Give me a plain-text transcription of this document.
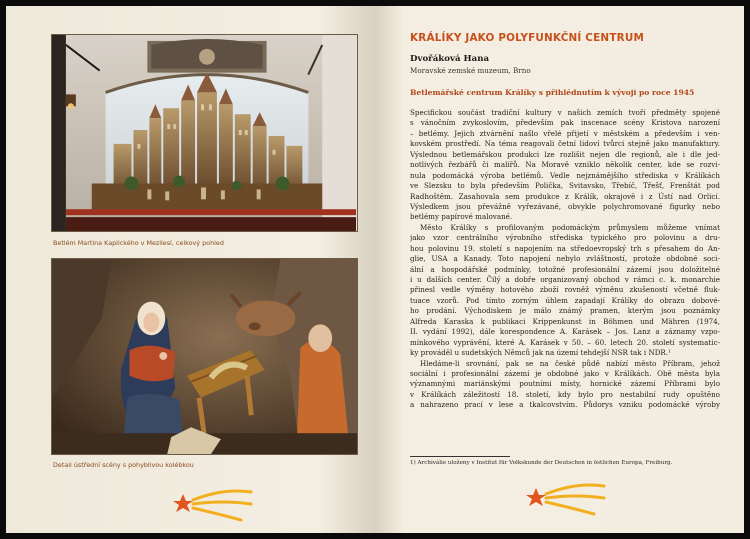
Betlém Martina Kaplického v Mezilesí, celkový pohled
Detail ústřední scény s pohyblivou kolébkou
KRÁLÍKY JAKO POLYFUNKČNÍ CENTRUM
Dvořáková Hana
Moravské zemské muzeum, Brno
Betlemářské centrum Králíky s přihlédnutím k vývoji po roce 1945
Specifickou součást tradiční kultury v našich zemích tvoří předměty spojené
s vánočním zvykoslovím, především pak inscenace scény Kristova narození
– betlémy. Jejich ztvárnění našlo vřelé přijetí v městském a především i ven-
kovském prostředí. Na téma reagovali četní lidoví tvůrci stejně jako manufaktury.
Výslednou betlemářskou produkci lze rozlišit nejen dle regionů, ale i dle jed-
notlivých řezbářů či malířů. Na Moravě vzniklo několik center, kde se rozvi-
nula podomácká výroba betlémů. Vedle nejznámějšího střediska v Králíkách
ve Slezsku to byla především Polička, Svitavsko, Třebíč, Třešť, Frenštát pod
Radhoštěm. Zasahovala sem produkce z Králík, okrajově i z Ústí nad Orlicí.
Výsledkem jsou převážně vyřezávané, obvykle polychromované figurky nebo
betlémy papírové malované.
Město Králíky s profilovaným podomáckým průmyslem můžeme vnímat
jako vzor centrálního výrobního střediska typického pro polovinu a dru-
hou polovinu 19. století s napojením na středoevropský trh s přesahem do An-
glie, USA a Kanady. Toto napojení nebylo zvláštností, protože obdobné soci-
ální a hospodářské podmínky, totožné profesionální zázemí jsou doložitelné
i u dalších center. Čilý a dobře organizovaný obchod v rámci c. k. monarchie
přinesl vedle výměny hotového zboží rovněž výměnu zkušeností včetně fluk-
tuace vzorů. Pod tímto zorným úhlem zapadají Králíky do obrazu dobové-
ho prodání. Východiskem je málo známý pramen, kterým jsou poznámky
Alfreda Karaska k publikaci Krippenkunst in Böhmen und Mähren (1974,
II. vydání 1992), dále korespondence A. Karásek – Jos. Lanz a záznamy vzpo-
mínkového vyprávění, které A. Karásek v 50. – 60. letech 20. století systematic-
ky prováděl u sudetských Němců jak na území tehdejší NSR tak i NDR.¹
Hledáme-li srovnání, pak se na české půdě nabízí město Příbram, jehož
sociální i profesionální zázemí je obdobné jako v Králíkách. Obě města byla
významnými mariánskými poutními místy, hornické zázemí Příbrami bylo
v Králíkách záležitostí 18. století, kdy bylo pro nestabilní rudy opuštěno
a nahrazeno prací v lese a tkalcovstvím. Půdorys vzniku podomácké výroby
1) Archiválie uloženy v Institut für Volkskunde der Deutschen in östlichen Europa, Freiburg.
